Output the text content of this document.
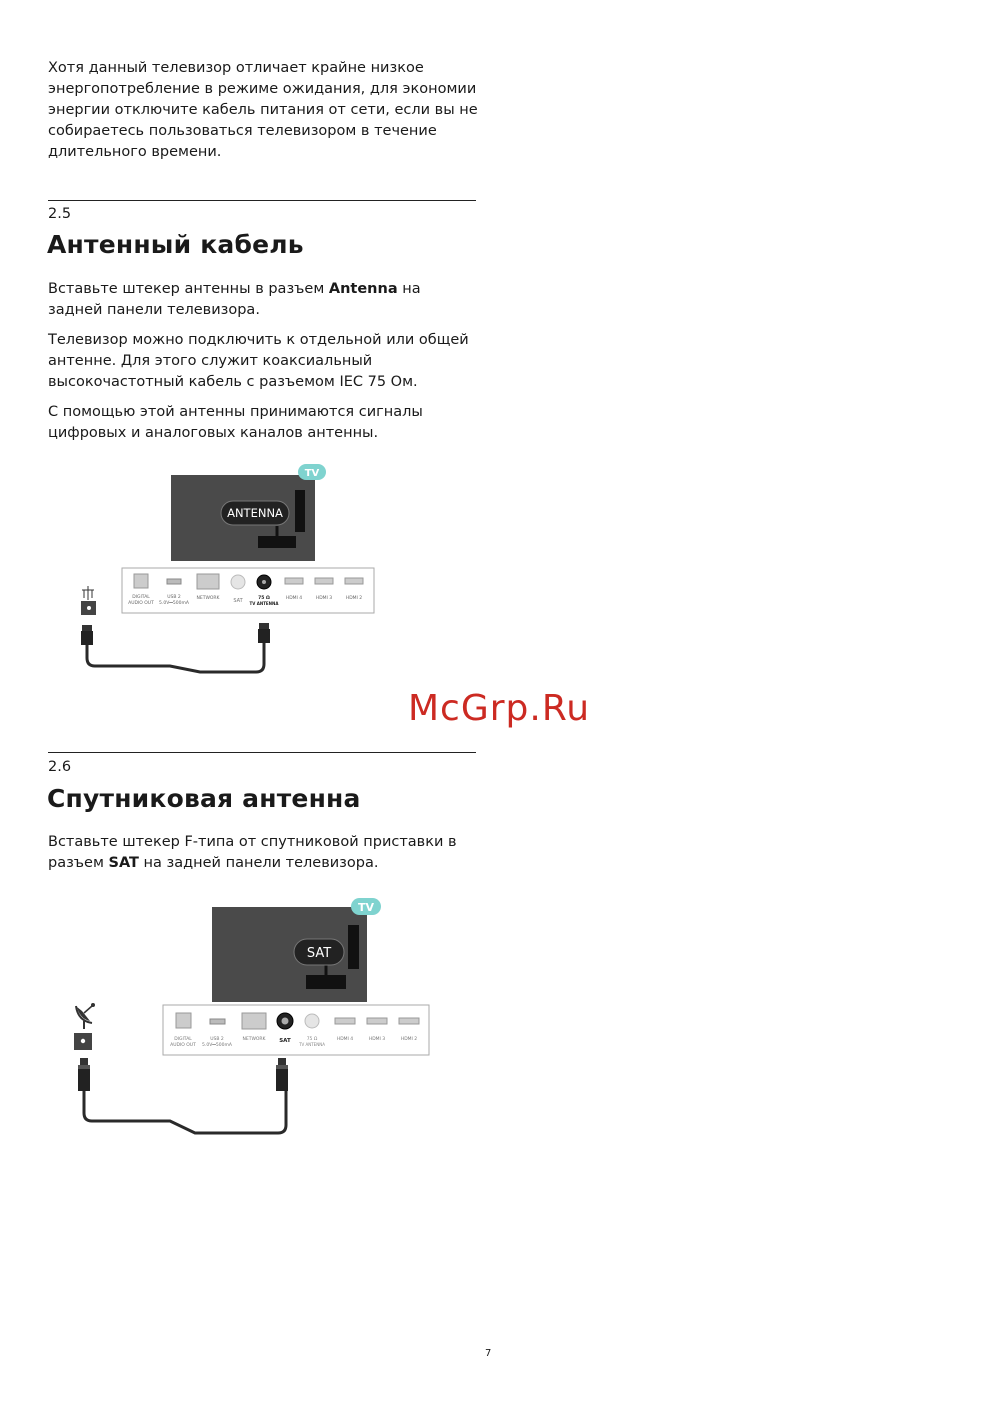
Хотя данный телевизор отличает крайне низкое энергопотребление в режиме ожидания, для экономии энергии отключите кабель питания от сети, если вы не собираетесь пользоваться телевизором в течение длительного времени.

2.5
Антенный кабель

Вставьте штекер антенны в разъем Antenna на задней панели телевизора.

Телевизор можно подключить к отдельной или общей антенне. Для этого служит коаксиальный высокочастотный кабель с разъемом IEC 75 Ом.

С помощью этой антенны принимаются сигналы цифровых и аналоговых каналов антенны.

ANTENNA
TV
DIGITAL
AUDIO OUT
USB 2
5.0V⎓500mA
NETWORK	SAT	75 Ω
TV ANTENNA
HDMI 4	HDMI 3	HDMI 2
McGrp.Ru
2.6
Спутниковая антенна

Вставьте штекер F-типа от спутниковой приставки в разъем SAT на задней панели телевизора.

SAT
TV
DIGITAL
AUDIO OUT
USB 2
5.0V⎓500mA
NETWORK SAT	75 Ω
TV ANTENNA
HDMI 4	HDMI 3	HDMI 2
7
